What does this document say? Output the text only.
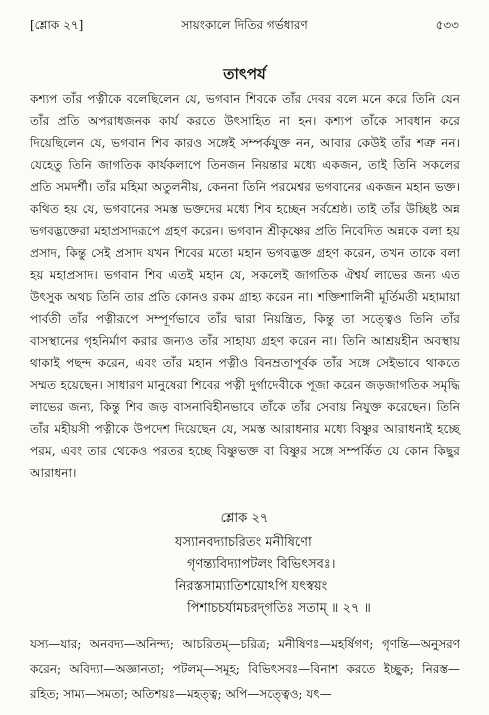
[শ্লোক ২৭]	সায়ংকালে দিতির গর্ভধারণ	৫৩৩
তাৎপর্য

কশ্যপ তাঁর পত্নীকে বলেছিলেন যে, ভগবান শিবকে তাঁর দেবর বলে মনে করে তিনি যেন তাঁর প্রতি অপরাধজনক কার্য করতে উৎসাহিত না হন। কশ্যপ তাঁকে সাবধান করে দিয়েছিলেন যে, ভগবান শিব কারও সঙ্গেই সম্পর্কযুক্ত নন, আবার কেউই তাঁর শত্রু নন। যেহেতু তিনি জাগতিক কার্যকলাপে তিনজন নিয়ন্তার মধ্যে একজন, তাই তিনি সকলের প্রতি সমদর্শী। তাঁর মহিমা অতুলনীয়, কেননা তিনি পরমেশ্বর ভগবানের একজন মহান ভক্ত। কথিত হয় যে, ভগবানের সমস্ত ভক্তদের মধ্যে শিব হচ্ছেন সর্বশ্রেষ্ঠ। তাই তাঁর উচ্ছিষ্ট অন্ন ভগবদ্ভক্তেরা মহাপ্রসাদরূপে গ্রহণ করেন। ভগবান শ্রীকৃষ্ণের প্রতি নিবেদিত অন্নকে বলা হয় প্রসাদ, কিন্তু সেই প্রসাদ যখন শিবের মতো মহান ভগবদ্ভক্ত গ্রহণ করেন, তখন তাকে বলা হয় মহাপ্রসাদ। ভগবান শিব এতই মহান যে, সকলেই জাগতিক ঐশ্বর্য লাভের জন্য এত উৎসুক অথচ তিনি তার প্রতি কোনও রকম গ্রাহ্য করেন না। শক্তিশালিনী মূর্তিমতী মহামায়া পার্বতী তাঁর পত্নীরূপে সম্পূর্ণভাবে তাঁর দ্বারা নিয়ন্ত্রিত, কিন্তু তা সত্ত্বেও তিনি তাঁর বাসস্থানের গৃহনির্মাণ করার জন্যও তাঁর সাহায্য গ্রহণ করেন না। তিনি আশ্রয়হীন অবস্থায় থাকাই পছন্দ করেন, এবং তাঁর মহান পত্নীও বিনম্রতাপূর্বক তাঁর সঙ্গে সেইভাবে থাকতে সম্মত হয়েছেন। সাধারণ মানুষেরা শিবের পত্নী দুর্গাদেবীকে পূজা করেন জড়জাগতিক সমৃদ্ধি লাভের জন্য, কিন্তু শিব জড় বাসনাবিহীনভাবে তাঁকে তাঁর সেবায় নিযুক্ত করেছেন। তিনি তাঁর মহীয়সী পত্নীকে উপদেশ দিয়েছেন যে, সমস্ত আরাধনার মধ্যে বিষ্ণুর আরাধনাই হচ্ছে পরম, এবং তার থেকেও পরতর হচ্ছে বিষ্ণুভক্ত বা বিষ্ণুর সঙ্গে সম্পর্কিত যে কোন কিছুর আরাধনা।

শ্লোক ২৭
যস্যানবদ্যাচরিতং মনীষিণো
গৃণন্ত্যবিদ্যাপটলং বিভিৎসবঃ।
নিরস্তসাম্যাতিশয়োঽপি যৎস্বয়ং
পিশাচচর্যামচরদ্‌গতিঃ সতাম্‌ ॥ ২৭ ॥

যস্য—যার; অনবদ্য—অনিন্দ্য; আচরিতম্—চরিত্র; মনীষিণঃ—মহর্ষিগণ; গৃণন্তি—অনুসরণ করেন; অবিদ্যা—অজ্ঞানতা; পটলম্—সমূহ; বিভিৎসবঃ—বিনাশ করতে ইচ্ছুক; নিরস্ত—রহিত; সাম্য—সমতা; অতিশয়ঃ—মহত্ত্ব; অপি—সত্ত্বেও; যৎ—
